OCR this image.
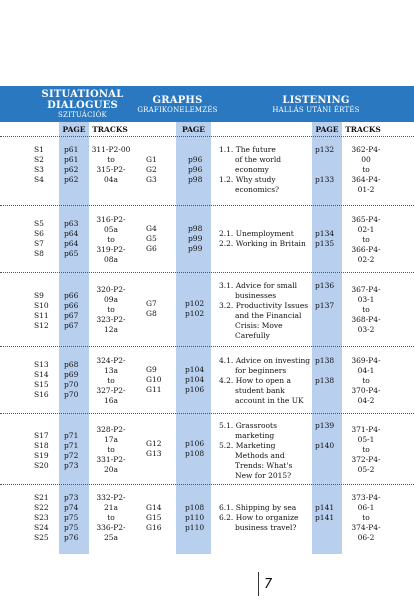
SITUATIONAL
DIALOGUES
SZITUÁCIÓK
GRAPHS
GRAFIKONELEMZÉS
LISTENING
HALLÁS UTÁNI ÉRTÉS
PAGE TRACKS	PAGE	PAGE TRACKS
S1
S2
S3
S4
p61
p61
p62
p62
311-P2-00
to
315-P2-
04a
G1
G2
G3
p96
p96
p98
1.1. The future
of the world
economy
1.2. Why study
economics?
p132

p133
362-P4-
00
to
364-P4-
01-2
S5
S6
S7
S8
p63
p64
p64
p65
316-P2-
05a
to
319-P2-
08a
G4
G5
G6
p98
p99
p99
2.1. Unemployment
2.2. Working in Britain
p134
p135
365-P4-
02-1
to
366-P4-
02-2
S9
S10
S11
S12
p66
p66
p67
p67
320-P2-
09a
to
323-P2-
12a
G7
G8
p102
p102
3.1. Advice for small
businesses
3.2. Productivity Issues
and the Financial
Crisis: Move
Carefully
p136

p137
367-P4-
03-1
to
368-P4-
03-2
S13
S14
S15
S16
p68
p69
p70
p70
324-P2-
13a
to
327-P2-
16a
G9
G10
G11
p104
p104
p106
4.1. Advice on investing
for beginners
4.2. How to open a
student bank
account in the UK
p138

p138
369-P4-
04-1
to
370-P4-
04-2
S17
S18
S19
S20
p71
p71
p72
p73
328-P2-
17a
to
331-P2-
20a
G12
G13
p106
p108
5.1. Grassroots
marketing
5.2. Marketing
Methods and
Trends: What's
New for 2015?
p139

p140
371-P4-
05-1
to
372-P4-
05-2
S21
S22
S23
S24
S25
p73
p74
p75
p75
p76
332-P2-
21a
to
336-P2-
25a
G14
G15
G16
p108
p110
p110
6.1. Shipping by sea
6.2. How to organize
business travel?
p141
p141
373-P4-
06-1
to
374-P4-
06-2
7
